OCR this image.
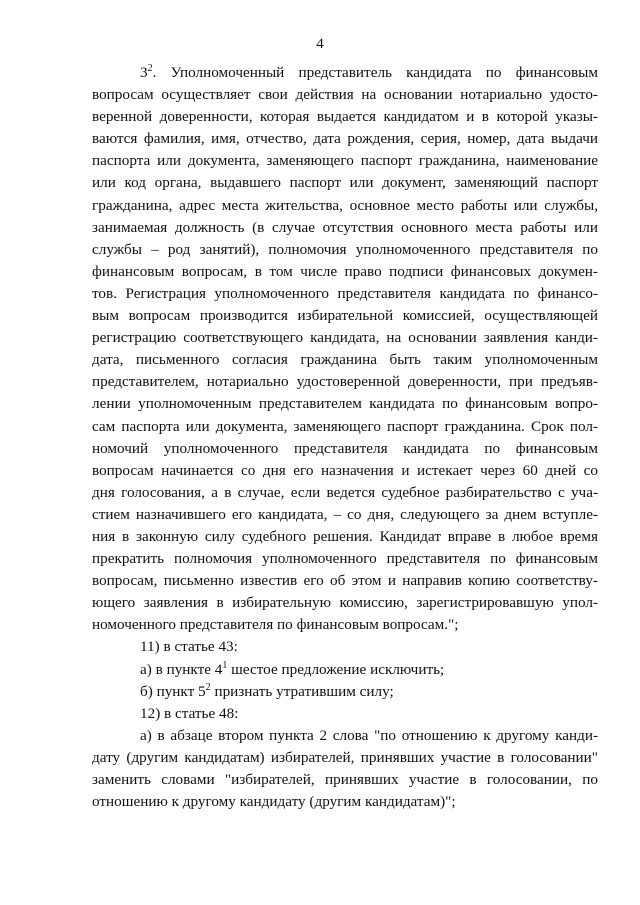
4
$3^2$. Уполномоченный представитель кандидата по финансовым
вопросам осуществляет свои действия на основании нотариально удосто-
веренной доверенности, которая выдается кандидатом и в которой указы-
ваются фамилия, имя, отчество, дата рождения, серия, номер, дата выдачи
паспорта или документа, заменяющего паспорт гражданина, наименование
или код органа, выдавшего паспорт или документ, заменяющий паспорт
гражданина, адрес места жительства, основное место работы или службы,
занимаемая должность (в случае отсутствия основного места работы или
службы – род занятий), полномочия уполномоченного представителя по
финансовым вопросам, в том числе право подписи финансовых докумен-
тов. Регистрация уполномоченного представителя кандидата по финансо-
вым вопросам производится избирательной комиссией, осуществляющей
регистрацию соответствующего кандидата, на основании заявления канди-
дата, письменного согласия гражданина быть таким уполномоченным
представителем, нотариально удостоверенной доверенности, при предъяв-
лении уполномоченным представителем кандидата по финансовым вопро-
сам паспорта или документа, заменяющего паспорт гражданина. Срок пол-
номочий уполномоченного представителя кандидата по финансовым
вопросам начинается со дня его назначения и истекает через 60 дней со
дня голосования, а в случае, если ведется судебное разбирательство с уча-
стием назначившего его кандидата, – со дня, следующего за днем вступле-
ния в законную силу судебного решения. Кандидат вправе в любое время
прекратить полномочия уполномоченного представителя по финансовым
вопросам, письменно известив его об этом и направив копию соответству-
ющего заявления в избирательную комиссию, зарегистрировавшую упол-
номоченного представителя по финансовым вопросам.";
11) в статье 43:
а) в пункте $4^1$ шестое предложение исключить;
б) пункт $5^2$ признать утратившим силу;
12) в статье 48:
а) в абзаце втором пункта 2 слова "по отношению к другому канди-
дату (другим кандидатам) избирателей, принявших участие в голосовании"
заменить словами "избирателей, принявших участие в голосовании, по
отношению к другому кандидату (другим кандидатам)";
